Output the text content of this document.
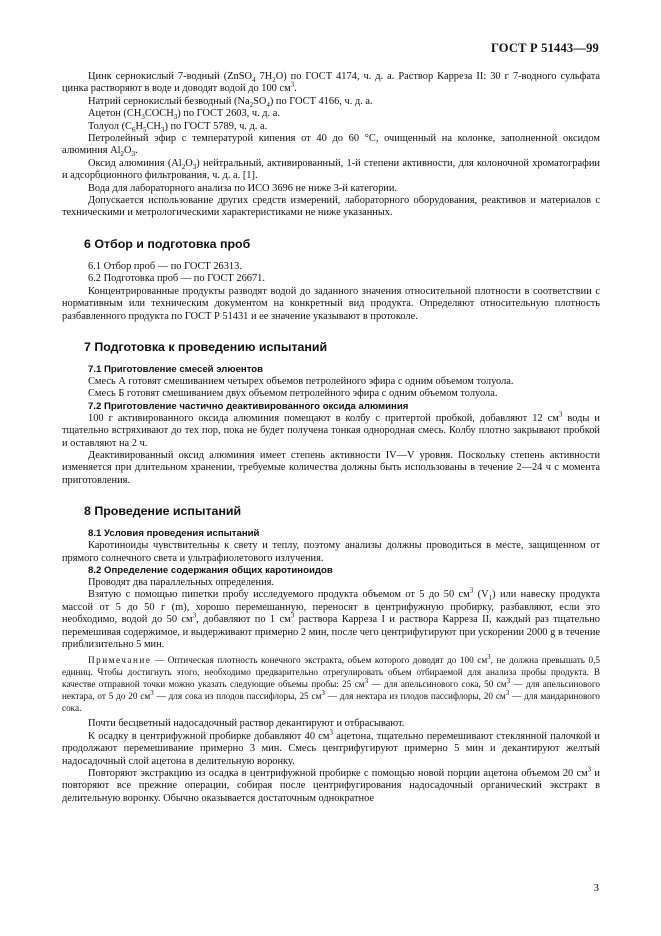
ГОСТ Р 51443—99

Цинк сернокислый 7-водный (ZnSO$_4$ $7H_2O$) по ГОСТ 4174, ч. д. а. Раствор Карреза II: 30 г 7-водного сульфата цинка растворяют в воде и доводят водой до 100 $см^3$.

Натрий сернокислый безводный $(Na_2SO_4)$ по ГОСТ 4166, ч. д. а.

Ацетон $(CH_3COCH_3)$ по ГОСТ 2603, ч. д. а.

Толуол $(C_6H_5CH_3)$ по ГОСТ 5789, ч. д. а.

Петролейный эфир с температурой кипения от 40 до 60 °С, очищенный на колонке, заполненной оксидом алюминия $Al_2O_3$.

Оксид алюминия $(Al_2O_3)$ нейтральный, активированный, 1-й степени активности, для колоночной хроматографии и адсорбционного фильтрования, ч. д. а. [1].

Вода для лабораторного анализа по ИСО 3696 не ниже 3-й категории.

Допускается использование других средств измерений, лабораторного оборудования, реактивов и материалов с техническими и метрологическими характеристиками не ниже указанных.

6 Отбор и подготовка проб

6.1 Отбор проб — по ГОСТ 26313.

6.2 Подготовка проб — по ГОСТ 26671.

Концентрированные продукты разводят водой до заданного значения относительной плотности в соответствии с нормативным или техническим документом на конкретный вид продукта. Определяют относительную плотность разбавленного продукта по ГОСТ Р 51431 и ее значение указывают в протоколе.

7 Подготовка к проведению испытаний
7.1 Приготовление смесей элюентов

Смесь А готовят смешиванием четырех объемов петролейного эфира с одним объемом толуола.

Смесь Б готовят смешиванием двух объемом петролейного эфира с одним объемом толуола.

7.2 Приготовление частично деактивированного оксида алюминия

100 г активированного оксида алюминия помещают в колбу с притертой пробкой, добавляют 12 $см^3$ воды и тщательно встряхивают до тех пор, пока не будет получена тонкая однородная смесь. Колбу плотно закрывают пробкой и оставляют на 2 ч.

Деактивированный оксид алюминия имеет степень активности IV—V уровня. Поскольку степень активности изменяется при длительном хранении, требуемые количества должны быть использованы в течение 2—24 ч с момента приготовления.

8 Проведение испытаний
8.1 Условия проведения испытаний

Каротиноиды чувствительны к свету и теплу, поэтому анализы должны проводиться в месте, защищенном от прямого солнечного света и ультрафиолетового излучения.

8.2 Определение содержания общих каротиноидов

Проводят два параллельных определения.

Взятую с помощью пипетки пробу исследуемого продукта объемом от 5 до 50 $см^3$ $(V_1)$ или навеску продукта массой от 5 до 50 г (m), хорошо перемешанную, переносят в центрифужную пробирку, разбавляют, если это необходимо, водой до 50 $см^3$, добавляют по 1 $см^3$ раствора Карреза I и раствора Карреза II, каждый раз тщательно перемешивая содержимое, и выдерживают примерно 2 мин, после чего центрифугируют при ускорении 2000 g в течение приблизительно 5 мин.

Примечание — Оптическая плотность конечного экстракта, объем которого доводят до 100 $см^3$, не должна превышать 0,5 единиц. Чтобы достигнуть этого, необходимо предварительно отрегулировать объем отбираемой для анализа пробы продукта. В качестве отправной точки можно указать следующие объемы пробы: 25 $см^3$ — для апельсинового сока, 50 $см^3$ — для апельсинового нектара, от 5 до 20 $см^3$ — для сока из плодов пассифлоры, 25 $см^3$ — для нектара из плодов пассифлоры, 20 $см^3$ — для мандаринового сока.

Почти бесцветный надосадочный раствор декантируют и отбрасывают.

К осадку в центрифужной пробирке добавляют 40 $см^3$ ацетона, тщательно перемешивают стеклянной палочкой и продолжают перемешивание примерно 3 мин. Смесь центрифугируют примерно 5 мин и декантируют желтый надосадочный слой ацетона в делительную воронку.

Повторяют экстракцию из осадка в центрифужной пробирке с помощью новой порции ацетона объемом 20 $см^3$ и повторяют все прежние операции, собирая после центрифугирования надосадочный органический экстракт в делительную воронку. Обычно оказывается достаточным однократное

3
